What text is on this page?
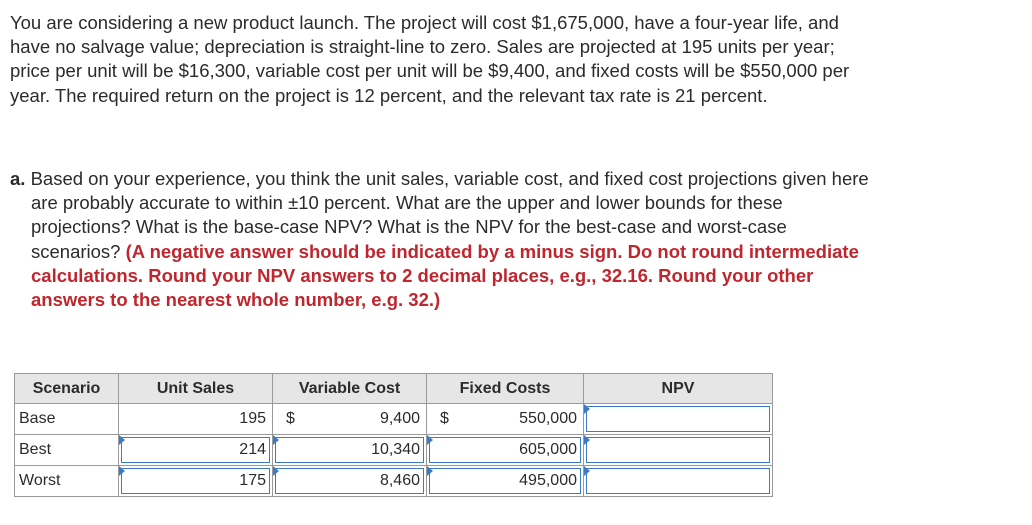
You are considering a new product launch. The project will cost $1,675,000, have a four-year life, and have no salvage value; depreciation is straight-line to zero. Sales are projected at 195 units per year; price per unit will be $16,300, variable cost per unit will be $9,400, and fixed costs will be $550,000 per year. The required return on the project is 12 percent, and the relevant tax rate is 21 percent.

a. Based on your experience, you think the unit sales, variable cost, and fixed cost projections given here are probably accurate to within ±10 percent. What are the upper and lower bounds for these projections? What is the base-case NPV? What is the NPV for the best-case and worst-case scenarios? (A negative answer should be indicated by a minus sign. Do not round intermediate calculations. Round your NPV answers to 2 decimal places, e.g., 32.16. Round your other answers to the nearest whole number, e.g. 32.)
Scenario	Unit Sales	Variable Cost	Fixed Costs	NPV
Base	195	$ 9,400	$ 550,000	

Best	214	10,340	605,000	

Worst	175	8,460	495,000	
